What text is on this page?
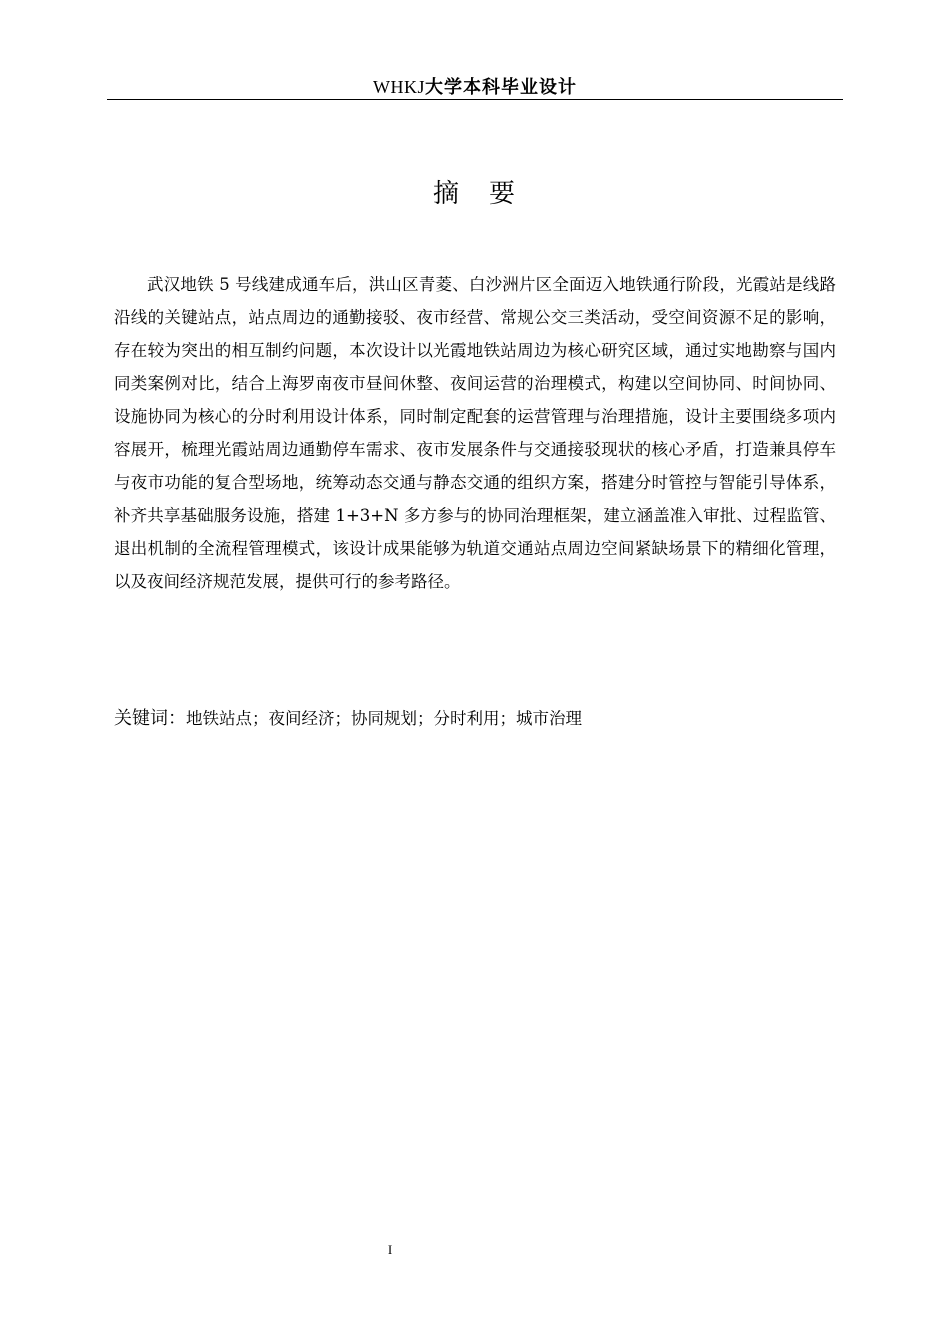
WHKJ大学本科毕业设计
摘　要

武汉地铁 5 号线建成通车后，洪山区青菱、白沙洲片区全面迈入地铁通行阶段，光霞站是线路沿线的关键站点，站点周边的通勤接驳、夜市经营、常规公交三类活动，受空间资源不足的影响，存在较为突出的相互制约问题，本次设计以光霞地铁站周边为核心研究区域，通过实地勘察与国内同类案例对比，结合上海罗南夜市昼间休整、夜间运营的治理模式，构建以空间协同、时间协同、设施协同为核心的分时利用设计体系，同时制定配套的运营管理与治理措施，设计主要围绕多项内容展开，梳理光霞站周边通勤停车需求、夜市发展条件与交通接驳现状的核心矛盾，打造兼具停车与夜市功能的复合型场地，统筹动态交通与静态交通的组织方案，搭建分时管控与智能引导体系，补齐共享基础服务设施，搭建 1+3+N 多方参与的协同治理框架，建立涵盖准入审批、过程监管、退出机制的全流程管理模式，该设计成果能够为轨道交通站点周边空间紧缺场景下的精细化管理，以及夜间经济规范发展，提供可行的参考路径。

关键词：地铁站点；夜间经济；协同规划；分时利用；城市治理
I
